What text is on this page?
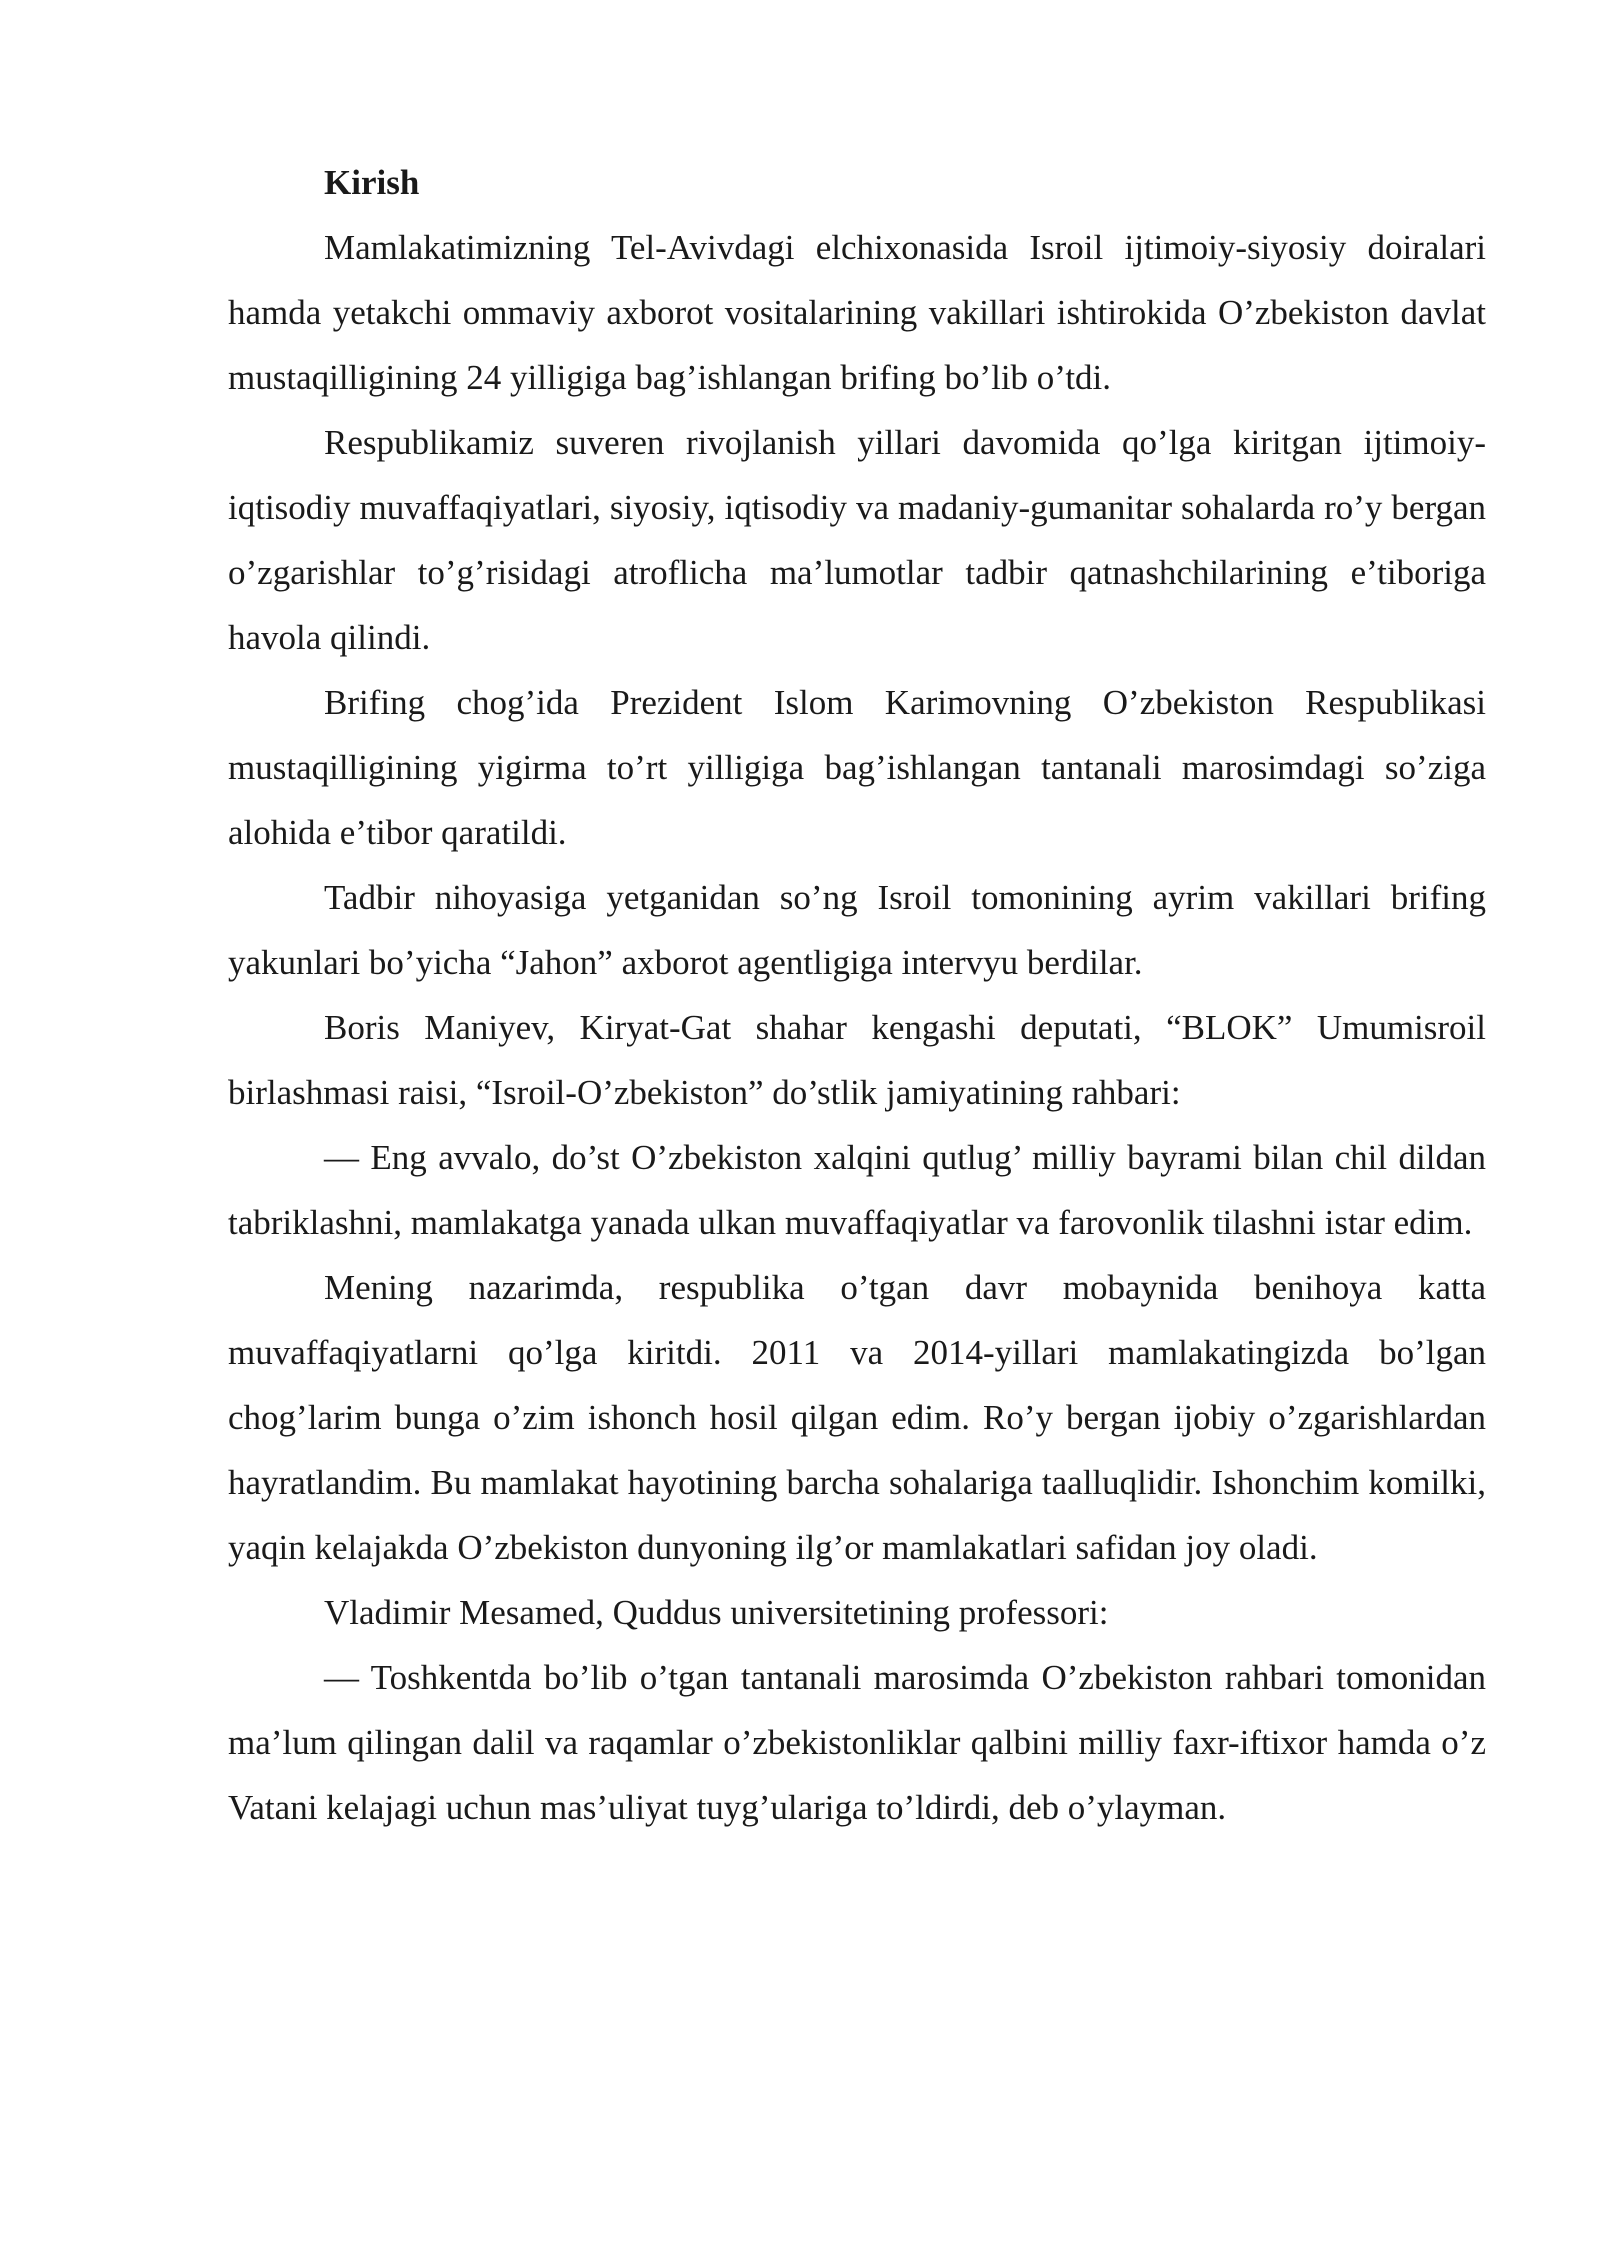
Kirish

Mamlakatimizning Tel-Avivdagi elchixonasida Isroil ijtimoiy-siyosiy doiralari hamda yetakchi ommaviy axborot vositalarining vakillari ishtirokida O’zbekiston davlat mustaqilligining 24 yilligiga bag’ishlangan brifing bo’lib o’tdi.

Respublikamiz suveren rivojlanish yillari davomida qo’lga kiritgan ijtimoiy-iqtisodiy muvaffaqiyatlari, siyosiy, iqtisodiy va madaniy-gumanitar sohalarda ro’y bergan o’zgarishlar to’g’risidagi atroflicha ma’lumotlar tadbir qatnashchilarining e’tiboriga havola qilindi.

Brifing chog’ida Prezident Islom Karimovning O’zbekiston Respublikasi mustaqilligining yigirma to’rt yilligiga bag’ishlangan tantanali marosimdagi so’ziga alohida e’tibor qaratildi.

Tadbir nihoyasiga yetganidan so’ng Isroil tomonining ayrim vakillari brifing yakunlari bo’yicha “Jahon” axborot agentligiga intervyu berdilar.

Boris Maniyev, Kiryat-Gat shahar kengashi deputati, “BLOK” Umumisroil birlashmasi raisi, “Isroil-O’zbekiston” do’stlik jamiyatining rahbari:

— Eng avvalo, do’st O’zbekiston xalqini qutlug’ milliy bayrami bilan chil dildan tabriklashni, mamlakatga yanada ulkan muvaffaqiyatlar va farovonlik tilashni istar edim.

Mening nazarimda, respublika o’tgan davr mobaynida benihoya katta muvaffaqiyatlarni qo’lga kiritdi. 2011 va 2014-yillari mamlakatingizda bo’lgan chog’larim bunga o’zim ishonch hosil qilgan edim. Ro’y bergan ijobiy o’zgarishlardan hayratlandim. Bu mamlakat hayotining barcha sohalariga taalluqlidir. Ishonchim komilki, yaqin kelajakda O’zbekiston dunyoning ilg’or mamlakatlari safidan joy oladi.

Vladimir Mesamed, Quddus universitetining professori:

— Toshkentda bo’lib o’tgan tantanali marosimda O’zbekiston rahbari tomonidan ma’lum qilingan dalil va raqamlar o’zbekistonliklar qalbini milliy faxr-iftixor hamda o’z Vatani kelajagi uchun mas’uliyat tuyg’ulariga to’ldirdi, deb o’ylayman.
